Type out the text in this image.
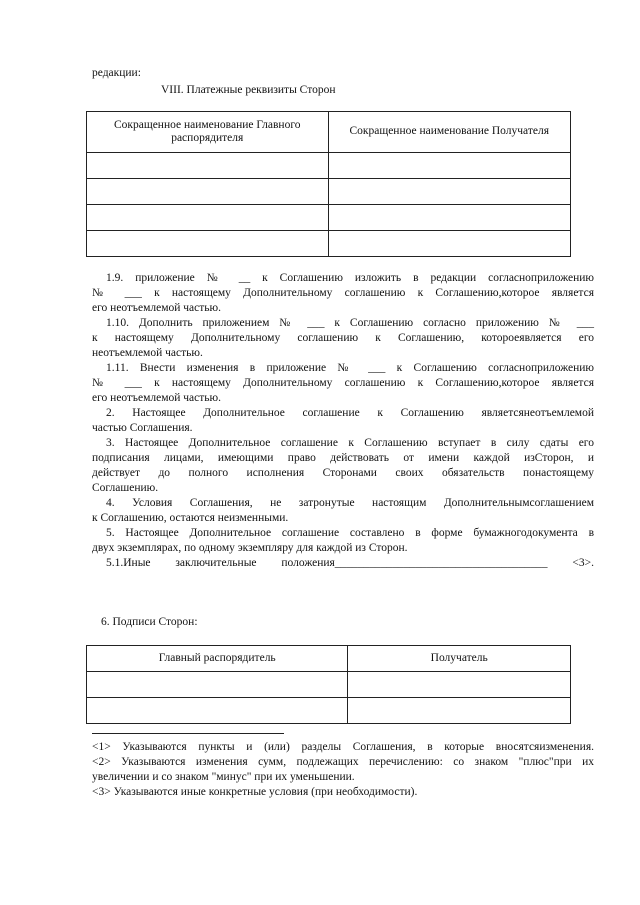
редакции:
VIII. Платежные реквизиты Сторон
Сокращенное наименование Главного распорядителя	Сокращенное наименование Получателя

1.9. приложение № __ к Соглашению изложить в редакции согласноприложению
№ ___ к настоящему Дополнительному соглашению к Соглашению,которое является
его неотъемлемой частью.
1.10. Дополнить приложением № ___ к Соглашению согласно приложению № ___
к настоящему Дополнительному соглашению к Соглашению, котороеявляется его
неотъемлемой частью.
1.11. Внести изменения в приложение № ___ к Соглашению согласноприложению
№ ___ к настоящему Дополнительному соглашению к Соглашению,которое является
его неотъемлемой частью.
2. Настоящее Дополнительное соглашение к Соглашению являетсянеотъемлемой
частью Соглашения.
3. Настоящее Дополнительное соглашение к Соглашению вступает в силу сдаты его
подписания лицами, имеющими право действовать от имени каждой изСторон, и
действует до полного исполнения Сторонами своих обязательств понастоящему
Соглашению.
4. Условия Соглашения, не затронутые настоящим Дополнительнымсоглашением
к Соглашению, остаются неизменными.
5. Настоящее Дополнительное соглашение составлено в форме бумажногодокумента в
двух экземплярах, по одному экземпляру для каждой из Сторон.
5.1.Иные заключительные положения_____________________________________ <3>.
6. Подписи Сторон:
Главный распорядитель	Получатель

<1> Указываются пункты и (или) разделы Соглашения, в которые вносятсяизменения.
<2> Указываются изменения сумм, подлежащих перечислению: со знаком "плюс"при их
увеличении и со знаком "минус" при их уменьшении.
<3> Указываются иные конкретные условия (при необходимости).
